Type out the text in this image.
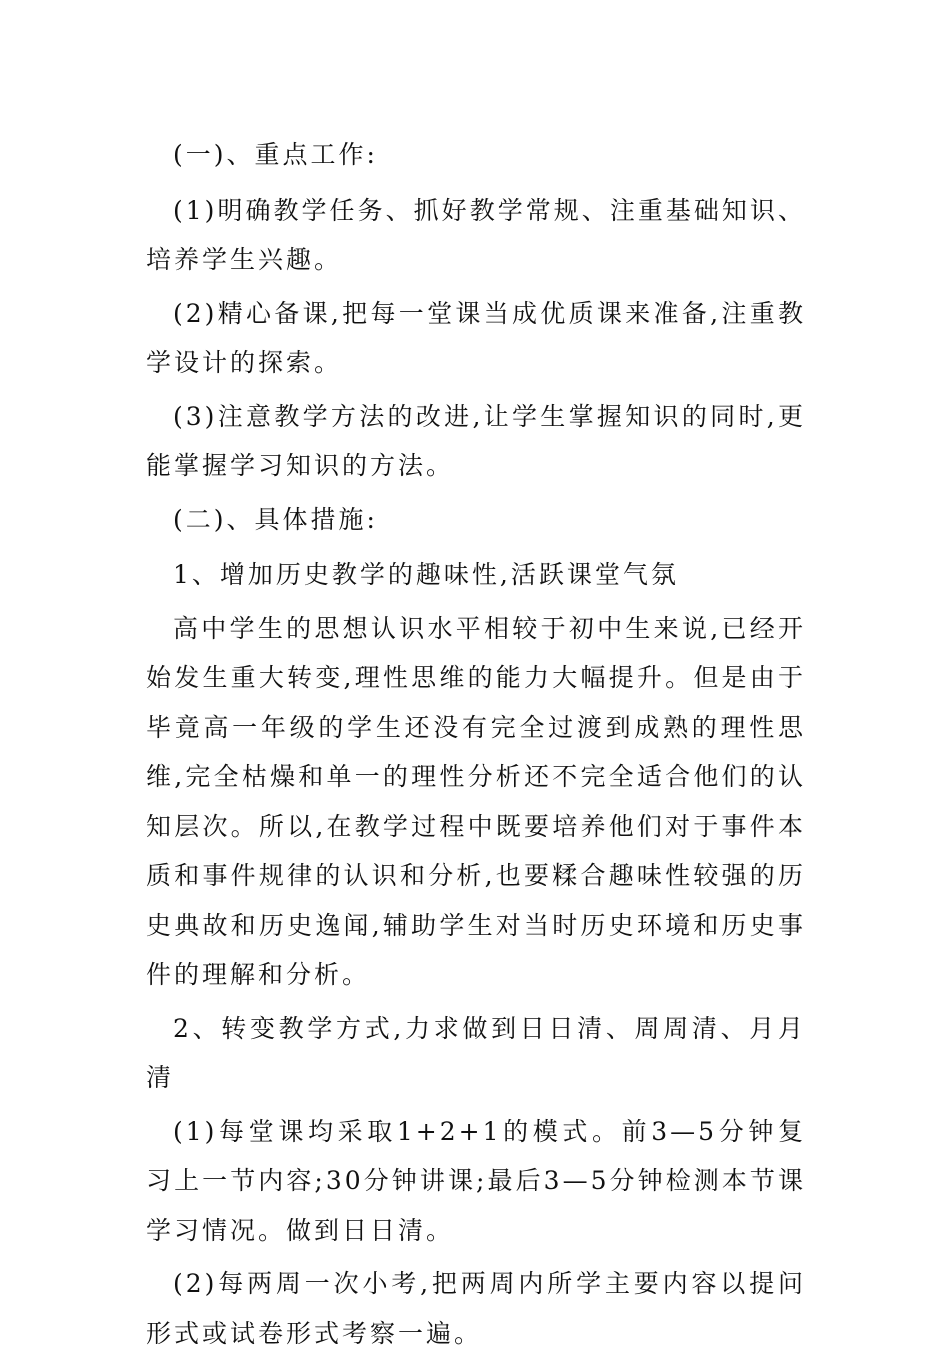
(一)、重点工作:

(1)明确教学任务、抓好教学常规、注重基础知识、培养学生兴趣。

(2)精心备课,把每一堂课当成优质课来准备,注重教学设计的探索。

(3)注意教学方法的改进,让学生掌握知识的同时,更能掌握学习知识的方法。

(二)、具体措施:

1、增加历史教学的趣味性,活跃课堂气氛

高中学生的思想认识水平相较于初中生来说,已经开始发生重大转变,理性思维的能力大幅提升。但是由于毕竟高一年级的学生还没有完全过渡到成熟的理性思维,完全枯燥和单一的理性分析还不完全适合他们的认知层次。所以,在教学过程中既要培养他们对于事件本质和事件规律的认识和分析,也要糅合趣味性较强的历史典故和历史逸闻,辅助学生对当时历史环境和历史事件的理解和分析。

2、转变教学方式,力求做到日日清、周周清、月月清

(1)每堂课均采取1+2+1的模式。前3—5分钟复习上一节内容;30分钟讲课;最后3—5分钟检测本节课学习情况。做到日日清。

(2)每两周一次小考,把两周内所学主要内容以提问形式或试卷形式考察一遍。
